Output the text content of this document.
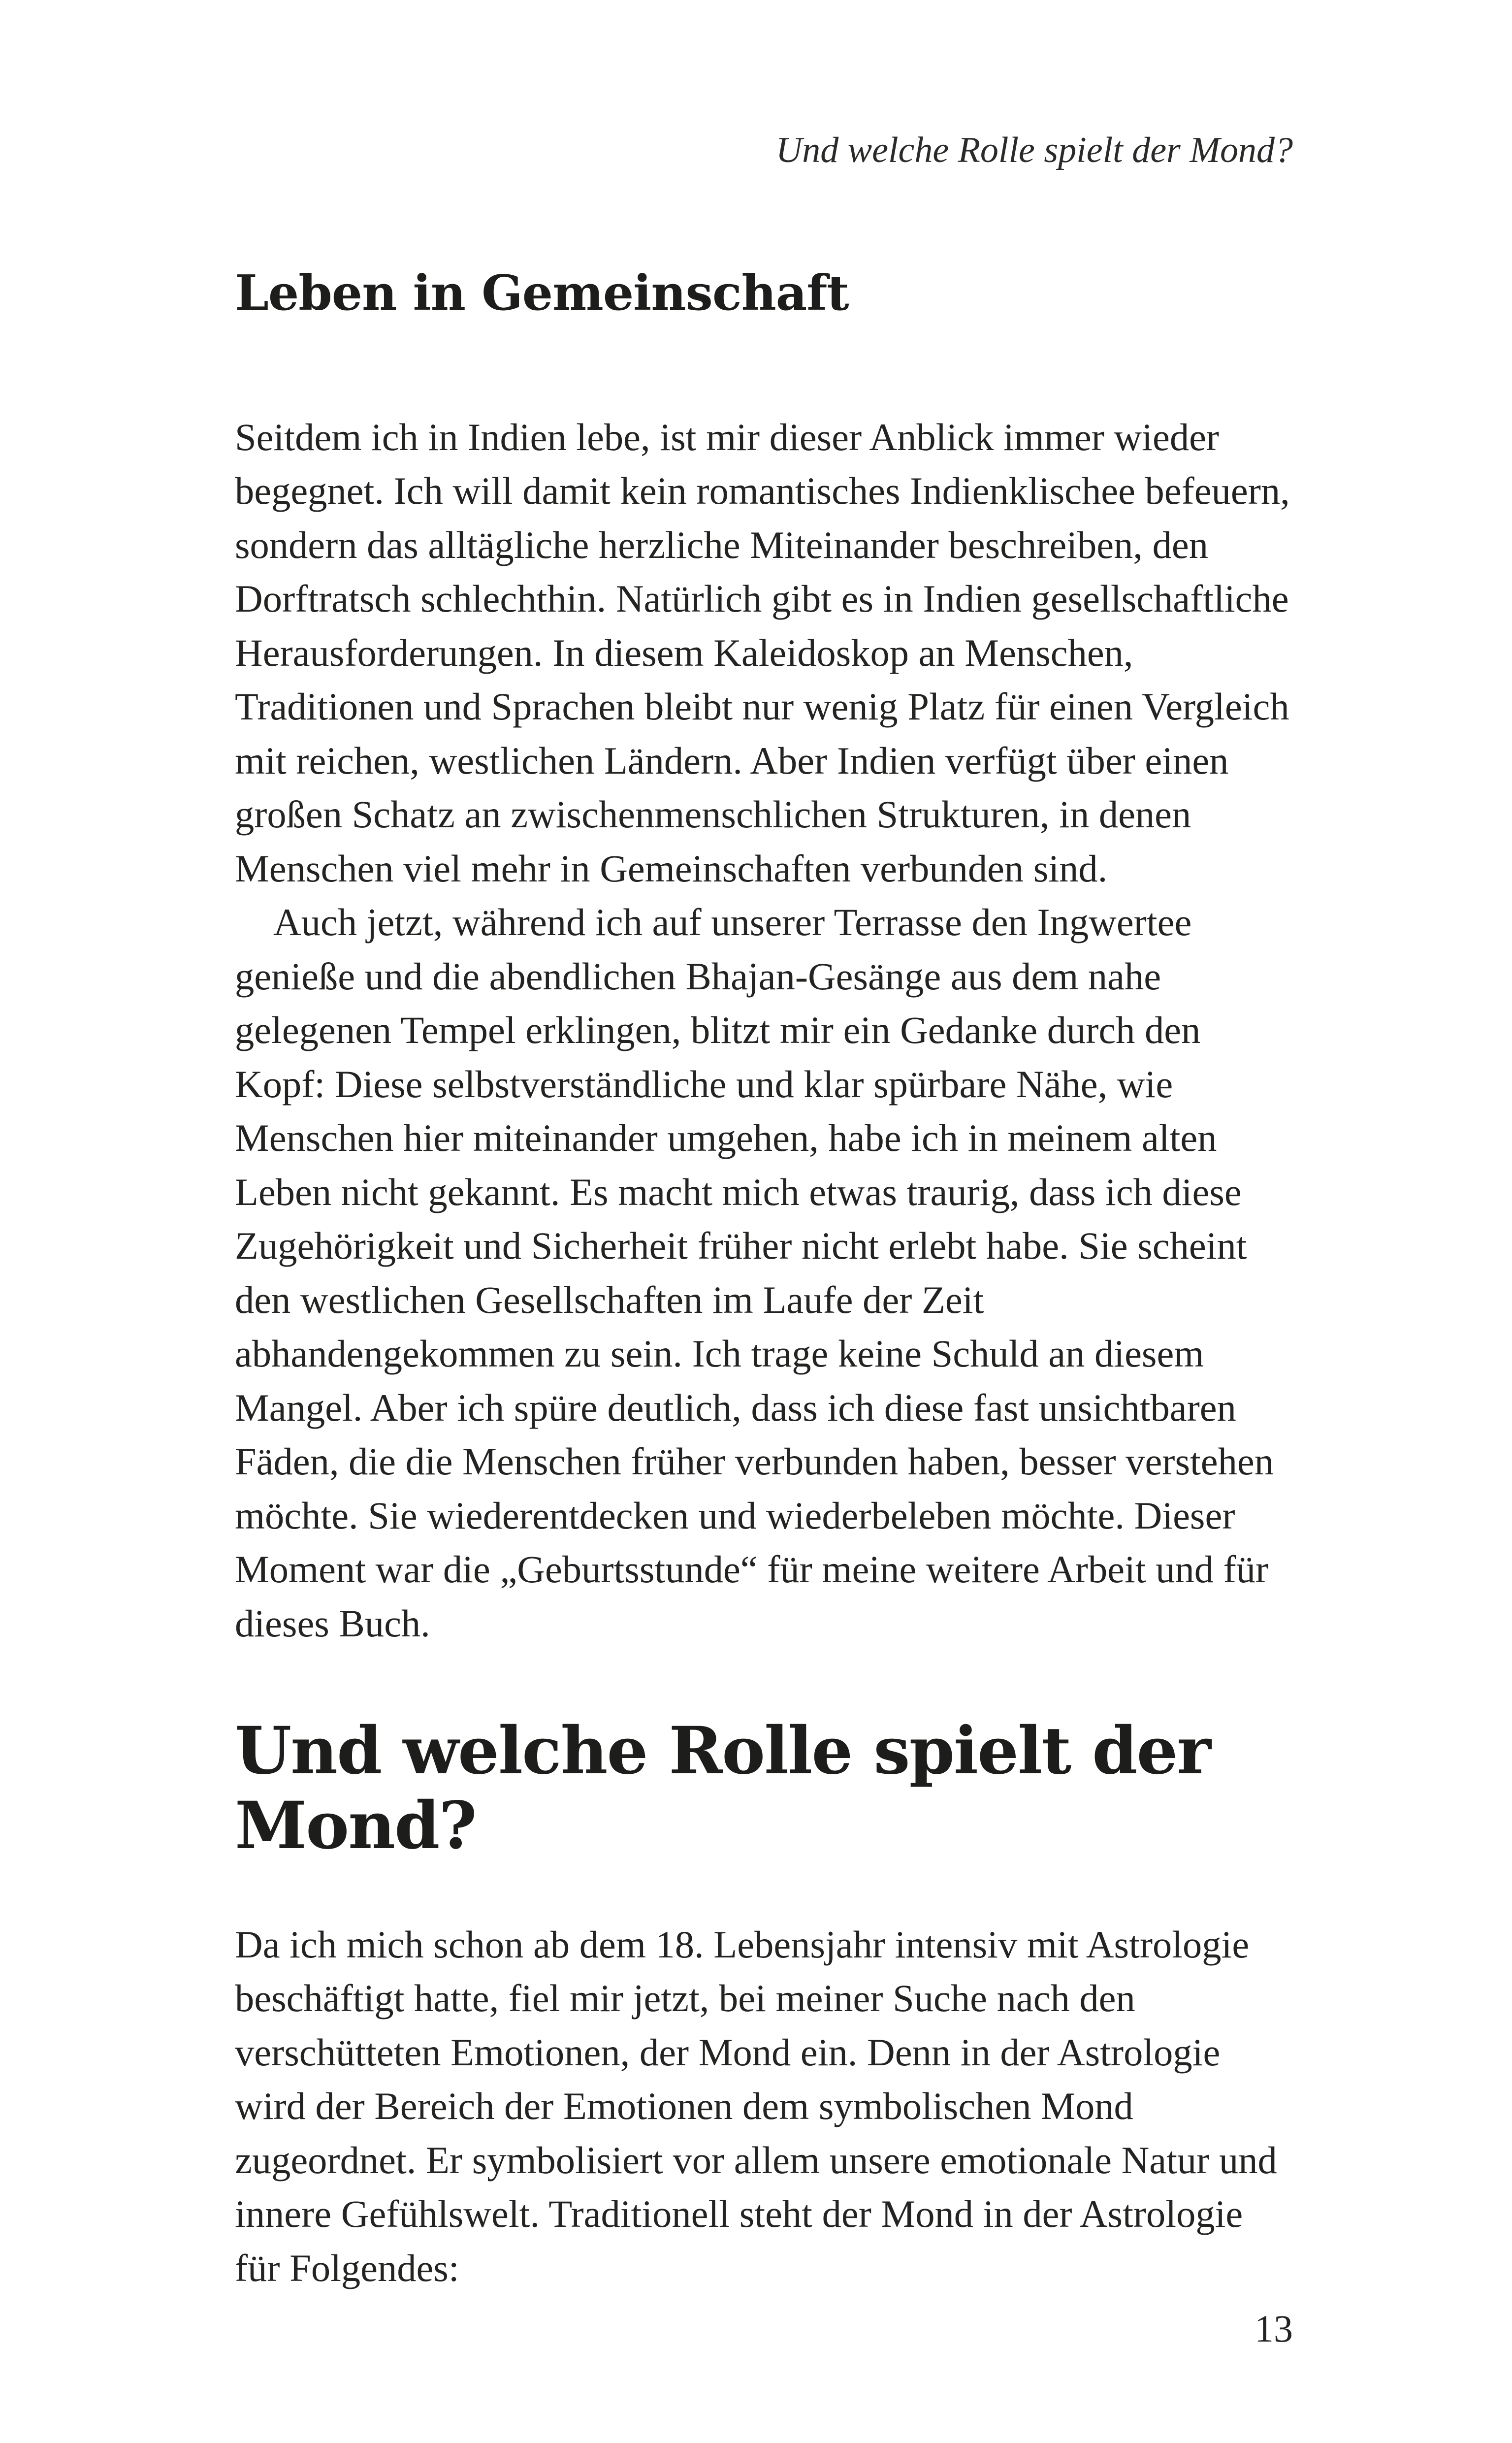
Und welche Rolle spielt der Mond?
Leben in Gemeinschaft

Seitdem ich in Indien lebe, ist mir dieser Anblick immer wieder begegnet. Ich will damit kein romantisches Indienklischee befeuern, sondern das alltägliche herzliche Miteinander beschreiben, den Dorftratsch schlechthin. Natürlich gibt es in Indien gesellschaftliche Herausforderungen. In diesem Kaleidoskop an Menschen, Traditionen und Sprachen bleibt nur wenig Platz für einen Vergleich mit reichen, westlichen Ländern. Aber Indien verfügt über einen großen Schatz an zwischenmenschlichen Strukturen, in denen Menschen viel mehr in Gemeinschaften verbunden sind.

Auch jetzt, während ich auf unserer Terrasse den Ingwertee genieße und die abendlichen Bhajan-Gesänge aus dem nahe gelegenen Tempel erklingen, blitzt mir ein Gedanke durch den Kopf: Diese selbstverständliche und klar spürbare Nähe, wie Menschen hier miteinander umgehen, habe ich in meinem alten Leben nicht gekannt. Es macht mich etwas traurig, dass ich diese Zugehörigkeit und Sicherheit früher nicht erlebt habe. Sie scheint den westlichen Gesellschaften im Laufe der Zeit abhandengekommen zu sein. Ich trage keine Schuld an diesem Mangel. Aber ich spüre deutlich, dass ich diese fast unsichtbaren Fäden, die die Menschen früher verbunden haben, besser verstehen möchte. Sie wiederentdecken und wiederbeleben möchte. Dieser Moment war die „Geburtsstunde“ für meine weitere Arbeit und für dieses Buch.

Und welche Rolle spielt der Mond?

Da ich mich schon ab dem 18. Lebensjahr intensiv mit Astrologie beschäftigt hatte, fiel mir jetzt, bei meiner Suche nach den verschütteten Emotionen, der Mond ein. Denn in der Astrologie wird der Bereich der Emotionen dem symbolischen Mond zugeordnet. Er symbolisiert vor allem unsere emotionale Natur und innere Gefühlswelt. Traditionell steht der Mond in der Astrologie für Folgendes:

13
